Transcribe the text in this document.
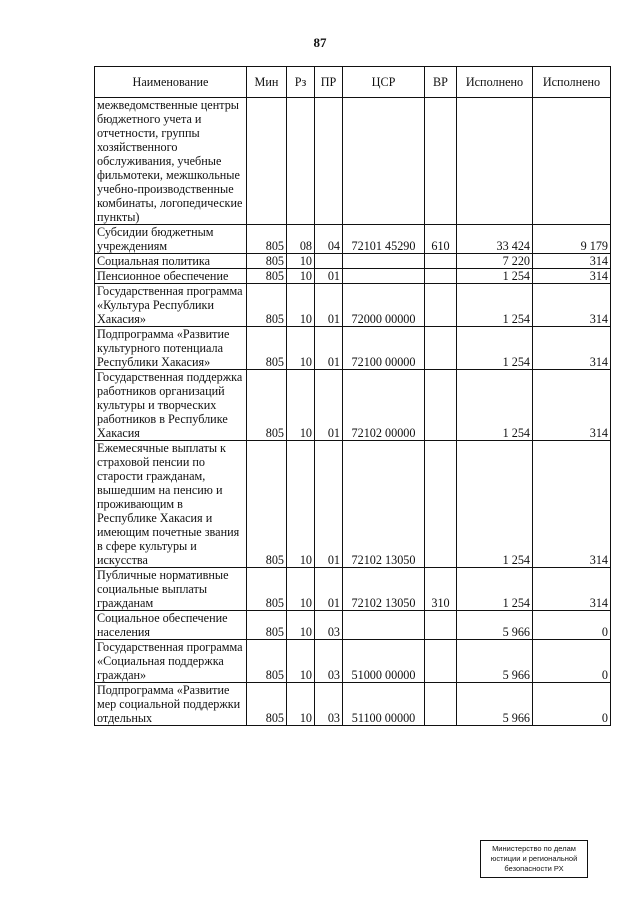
87
Наименование	Мин	Рз	ПР	ЦСР	ВР	Исполнено	Исполнено
межведомственные центры бюджетного учета и отчетности, группы хозяйственного обслуживания, учебные фильмотеки, межшкольные учебно-производственные комбинаты, логопедические пункты)							
Субсидии бюджетным учреждениям	805	08	04	72101 45290	610	33 424	9 179
Социальная политика	805	10				7 220	314
Пенсионное обеспечение	805	10	01			1 254	314
Государственная программа «Культура Республики Хакасия»	805	10	01	72000 00000		1 254	314
Подпрограмма «Развитие культурного потенциала Республики Хакасия»	805	10	01	72100 00000		1 254	314
Государственная поддержка работников организаций культуры и творческих работников в Республике Хакасия	805	10	01	72102 00000		1 254	314
Ежемесячные выплаты к страховой пенсии по старости гражданам, вышедшим на пенсию и проживающим в Республике Хакасия и имеющим почетные звания в сфере культуры и искусства	805	10	01	72102 13050		1 254	314
Публичные нормативные социальные выплаты гражданам	805	10	01	72102 13050	310	1 254	314
Социальное обеспечение населения	805	10	03			5 966	0
Государственная программа «Социальная поддержка граждан»	805	10	03	51000 00000		5 966	0
Подпрограмма «Развитие мер социальной поддержки отдельных	805	10	03	51100 00000		5 966	0
Министерство по делам
юстиции и региональной
безопасности РХ
